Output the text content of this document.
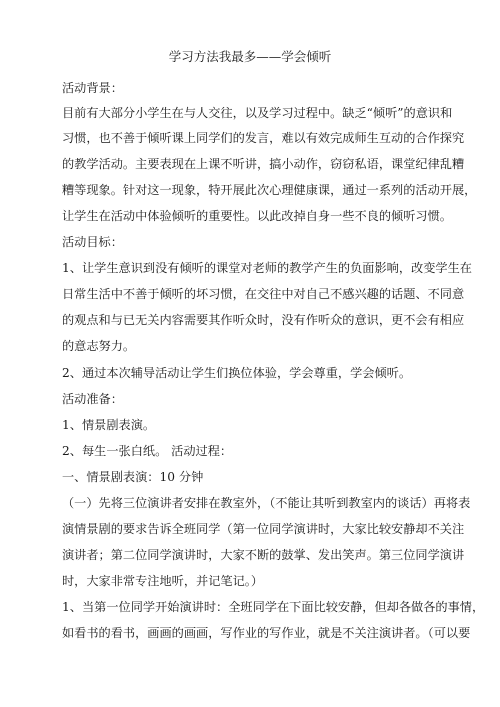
学习方法我最多——学会倾听
活动背景：
目前有大部分小学生在与人交往，以及学习过程中。缺乏“倾听”的意识和
习惯，也不善于倾听课上同学们的发言，难以有效完成师生互动的合作探究
的教学活动。主要表现在上课不听讲，搞小动作，窃窃私语，课堂纪律乱糟
糟等现象。针对这一现象，特开展此次心理健康课，通过一系列的活动开展，
让学生在活动中体验倾听的重要性。以此改掉自身一些不良的倾听习惯。
活动目标：
1、让学生意识到没有倾听的课堂对老师的教学产生的负面影响，改变学生在
日常生活中不善于倾听的坏习惯，在交往中对自己不感兴趣的话题、不同意
的观点和与已无关内容需要其作听众时，没有作听众的意识，更不会有相应
的意志努力。
2、通过本次辅导活动让学生们换位体验，学会尊重，学会倾听。
活动准备：
1、情景剧表演。
2、每生一张白纸。 活动过程：
一、情景剧表演：10 分钟
（一）先将三位演讲者安排在教室外，（不能让其听到教室内的谈话）再将表
演情景剧的要求告诉全班同学（第一位同学演讲时，大家比较安静却不关注
演讲者；第二位同学演讲时，大家不断的鼓掌、发出笑声。第三位同学演讲
时，大家非常专注地听，并记笔记。）
1、当第一位同学开始演讲时：全班同学在下面比较安静，但却各做各的事情，
如看书的看书，画画的画画，写作业的写作业，就是不关注演讲者。（可以要
